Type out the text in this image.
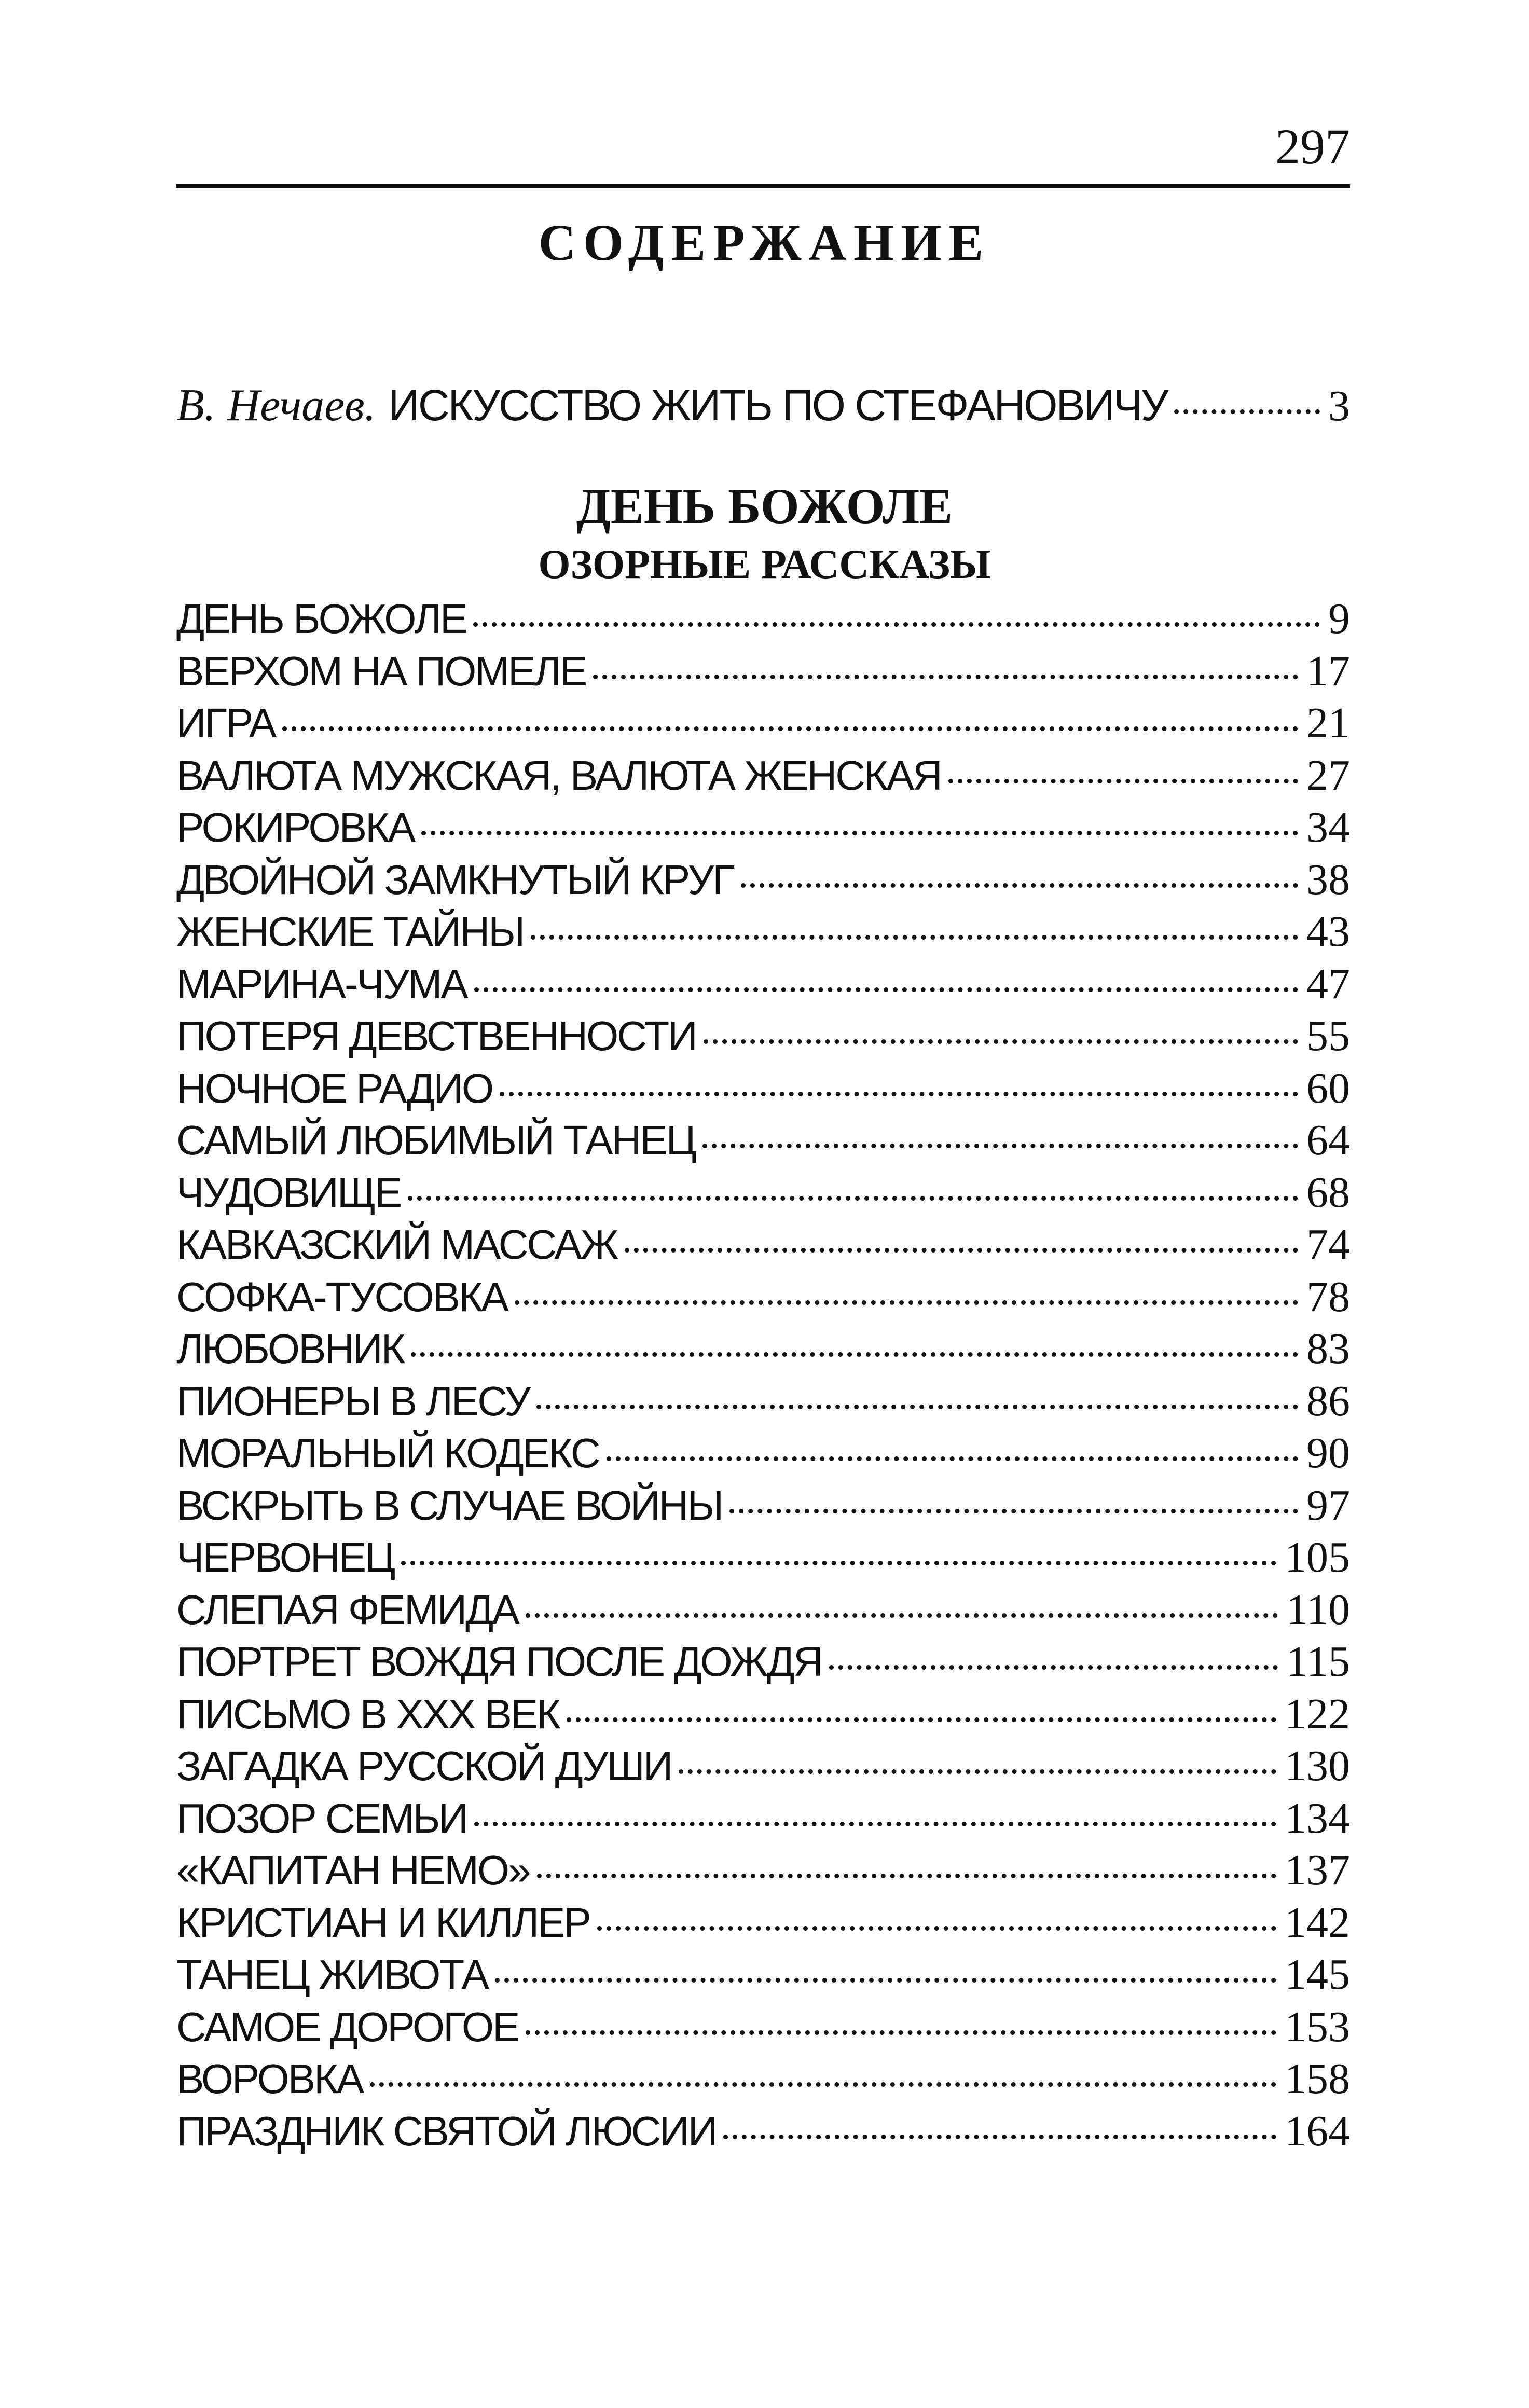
297
СОДЕРЖАНИЕ
В. Нечаев. ИСКУССТВО ЖИТЬ ПО СТЕФАНОВИЧУ	3
ДЕНЬ БОЖОЛЕ
ОЗОРНЫЕ РАССКАЗЫ
ДЕНЬ БОЖОЛЕ	9
ВЕРХОМ НА ПОМЕЛЕ	17
ИГРА	21
ВАЛЮТА МУЖСКАЯ, ВАЛЮТА ЖЕНСКАЯ	27
РОКИРОВКА	34
ДВОЙНОЙ ЗАМКНУТЫЙ КРУГ	38
ЖЕНСКИЕ ТАЙНЫ	43
МАРИНА-ЧУМА	47
ПОТЕРЯ ДЕВСТВЕННОСТИ	55
НОЧНОЕ РАДИО	60
САМЫЙ ЛЮБИМЫЙ ТАНЕЦ	64
ЧУДОВИЩЕ	68
КАВКАЗСКИЙ МАССАЖ	74
СОФКА-ТУСОВКА	78
ЛЮБОВНИК	83
ПИОНЕРЫ В ЛЕСУ	86
МОРАЛЬНЫЙ КОДЕКС	90
ВСКРЫТЬ В СЛУЧАЕ ВОЙНЫ	97
ЧЕРВОНЕЦ	105
СЛЕПАЯ ФЕМИДА	110
ПОРТРЕТ ВОЖДЯ ПОСЛЕ ДОЖДЯ	115
ПИСЬМО В XXX ВЕК	122
ЗАГАДКА РУССКОЙ ДУШИ	130
ПОЗОР СЕМЬИ	134
«КАПИТАН НЕМО»	137
КРИСТИАН И КИЛЛЕР	142
ТАНЕЦ ЖИВОТА	145
САМОЕ ДОРОГОЕ	153
ВОРОВКА	158
ПРАЗДНИК СВЯТОЙ ЛЮСИИ	164
